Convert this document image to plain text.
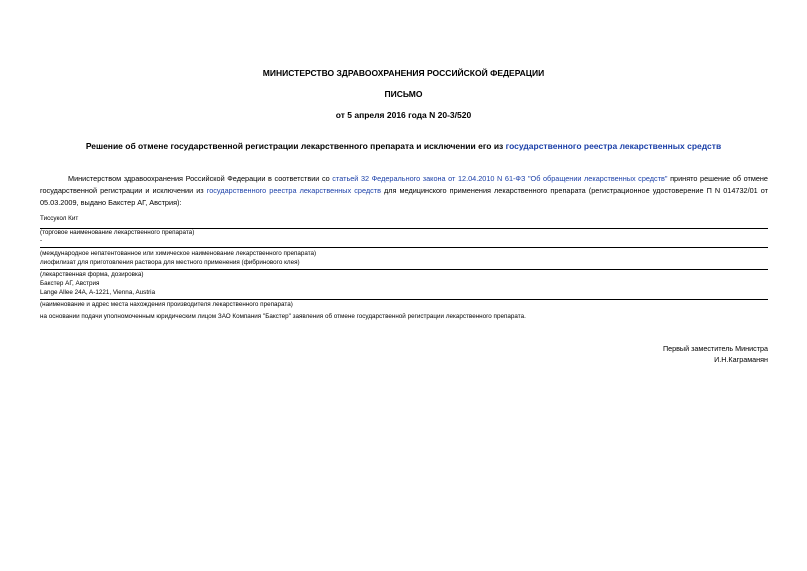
МИНИСТЕРСТВО ЗДРАВООХРАНЕНИЯ РОССИЙСКОЙ ФЕДЕРАЦИИ
ПИСЬМО
от 5 апреля 2016 года N 20-3/520
Решение об отмене государственной регистрации лекарственного препарата и исключении его из государственного реестра лекарственных средств
Министерством здравоохранения Российской Федерации в соответствии со статьей 32 Федерального закона от 12.04.2010 N 61-ФЗ "Об обращении лекарственных средств" принято решение об отмене государственной регистрации и исключении из государственного реестра лекарственных средств для медицинского применения лекарственного препарата (регистрационное удостоверение П N 014732/01 от 05.03.2009, выдано Бакстер АГ, Австрия):
Тиссукол Кит
(торговое наименование лекарственного препарата)
-
(международное непатентованное или химическое наименование лекарственного препарата)
лиофилизат для приготовления раствора для местного применения (фибринового клея)
(лекарственная форма, дозировка)
Бакстер АГ, Австрия
Lange Allee 24A, A-1221, Vienna, Austria
(наименование и адрес места нахождения производителя лекарственного препарата)
на основании подачи уполномоченным юридическим лицом ЗАО Компания "Бакстер" заявления об отмене государственной регистрации лекарственного препарата.
Первый заместитель Министра
И.Н.Каграманян
